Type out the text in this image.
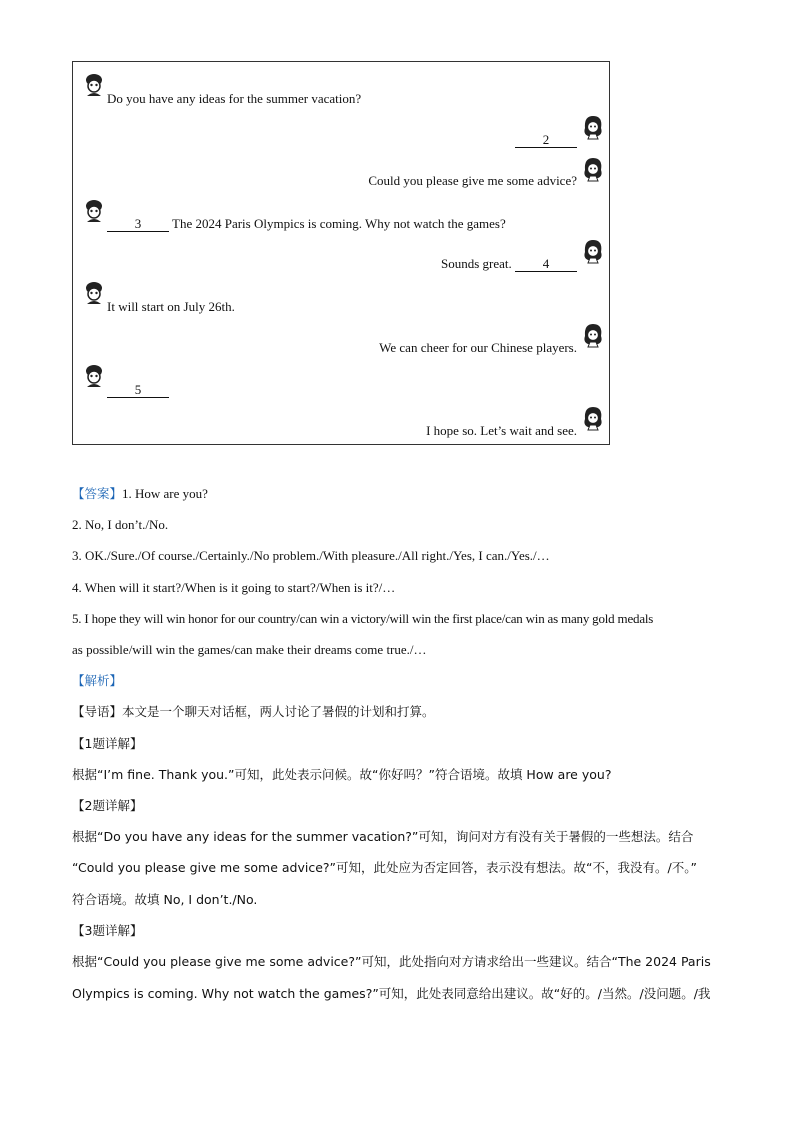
Do you have any ideas for the summer vacation?
2
Could you please give me some advice?
3 The 2024 Paris Olympics is coming. Why not watch the games?
Sounds great. 4
It will start on July 26th.
We can cheer for our Chinese players.
5
I hope so. Let’s wait and see.
【答案】1. How are you?
2. No, I don’t./No.
3. OK./Sure./Of course./Certainly./No problem./With pleasure./All right./Yes, I can./Yes./…
4. When will it start?/When is it going to start?/When is it?/…
5. I hope they will win honor for our country/can win a victory/will win the first place/can win as many gold medals
as possible/will win the games/can make their dreams come true./…
【解析】
【导语】本文是一个聊天对话框，两人讨论了暑假的计划和打算。
【1题详解】
根据“I’m fine. Thank you.”可知，此处表示问候。故“你好吗？”符合语境。故填 How are you?
【2题详解】
根据“Do you have any ideas for the summer vacation?”可知，询问对方有没有关于暑假的一些想法。结合
“Could you please give me some advice?”可知，此处应为否定回答，表示没有想法。故“不，我没有。/不。”
符合语境。故填 No, I don’t./No.
【3题详解】
根据“Could you please give me some advice?”可知，此处指向对方请求给出一些建议。结合“The 2024 Paris
Olympics is coming. Why not watch the games?”可知，此处表同意给出建议。故“好的。/当然。/没问题。/我
